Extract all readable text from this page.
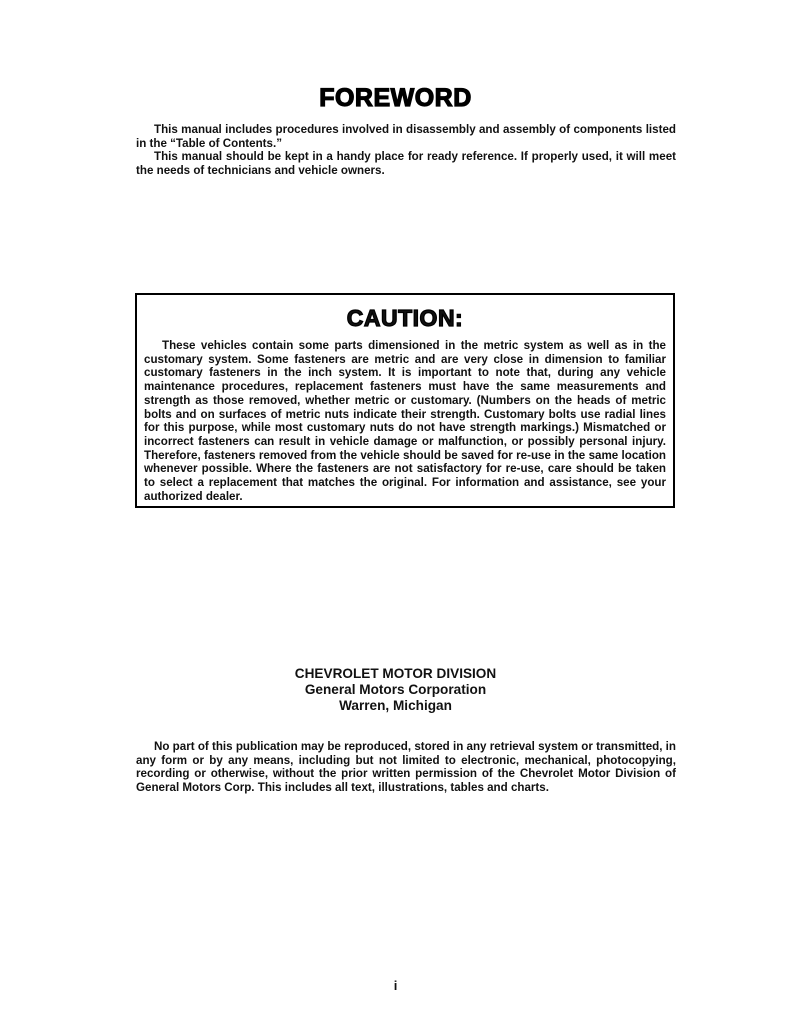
FOREWORD

This manual includes procedures involved in disassembly and assembly of components listed in the “Table of Contents.”

This manual should be kept in a handy place for ready reference. If properly used, it will meet the needs of technicians and vehicle owners.

CAUTION:

These vehicles contain some parts dimensioned in the metric system as well as in the customary system. Some fasteners are metric and are very close in dimension to familiar customary fasteners in the inch system. It is important to note that, during any vehicle maintenance procedures, replacement fasteners must have the same measurements and strength as those removed, whether metric or customary. (Numbers on the heads of metric bolts and on surfaces of metric nuts indicate their strength. Customary bolts use radial lines for this purpose, while most customary nuts do not have strength markings.) Mismatched or incorrect fasteners can result in vehicle damage or malfunction, or possibly personal injury. Therefore, fasteners removed from the vehicle should be saved for re-use in the same location whenever possible. Where the fasteners are not satisfactory for re-use, care should be taken to select a replacement that matches the original. For information and assistance, see your authorized dealer.

CHEVROLET MOTOR DIVISION
General Motors Corporation
Warren, Michigan

No part of this publication may be reproduced, stored in any retrieval system or transmitted, in any form or by any means, including but not limited to electronic, mechanical, photocopying, recording or otherwise, without the prior written permission of the Chevrolet Motor Division of General Motors Corp. This includes all text, illustrations, tables and charts.

i
